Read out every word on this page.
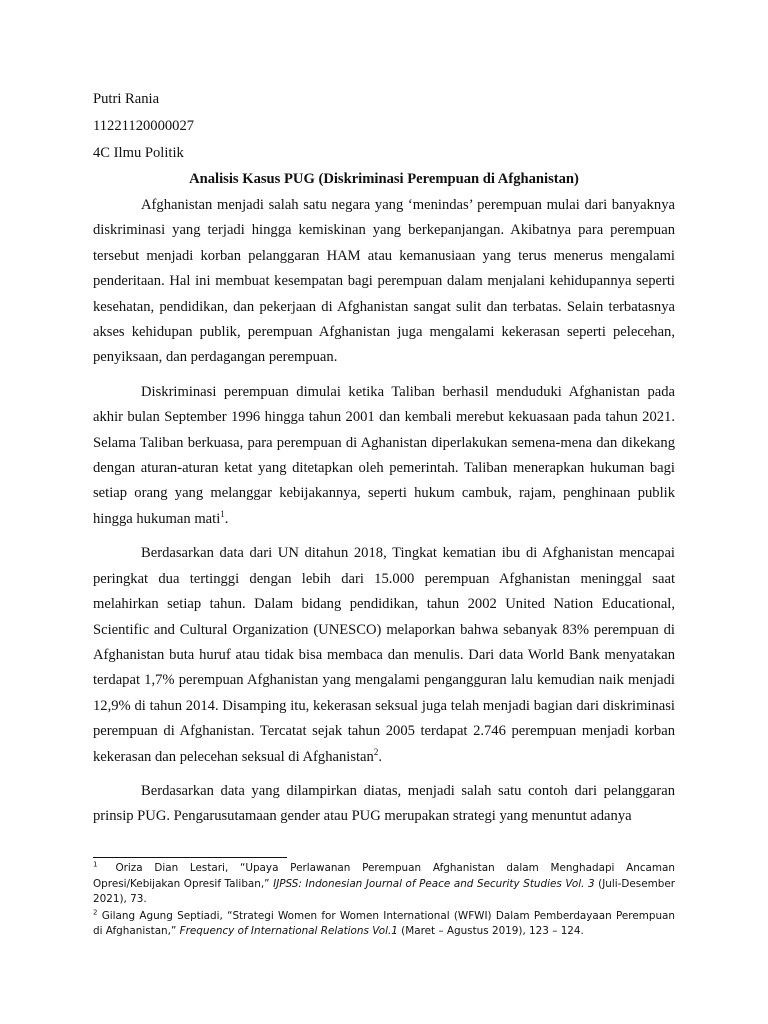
Putri Rania

11221120000027

4C Ilmu Politik

Analisis Kasus PUG (Diskriminasi Perempuan di Afghanistan)

Afghanistan menjadi salah satu negara yang ‘menindas’ perempuan mulai dari banyaknya diskriminasi yang terjadi hingga kemiskinan yang berkepanjangan. Akibatnya para perempuan tersebut menjadi korban pelanggaran HAM atau kemanusiaan yang terus menerus mengalami penderitaan. Hal ini membuat kesempatan bagi perempuan dalam menjalani kehidupannya seperti kesehatan, pendidikan, dan pekerjaan di Afghanistan sangat sulit dan terbatas. Selain terbatasnya akses kehidupan publik, perempuan Afghanistan juga mengalami kekerasan seperti pelecehan, penyiksaan, dan perdagangan perempuan.

Diskriminasi perempuan dimulai ketika Taliban berhasil menduduki Afghanistan pada akhir bulan September 1996 hingga tahun 2001 dan kembali merebut kekuasaan pada tahun 2021. Selama Taliban berkuasa, para perempuan di Aghanistan diperlakukan semena-mena dan dikekang dengan aturan-aturan ketat yang ditetapkan oleh pemerintah. Taliban menerapkan hukuman bagi setiap orang yang melanggar kebijakannya, seperti hukum cambuk, rajam, penghinaan publik hingga hukuman mati$^1$.

Berdasarkan data dari UN ditahun 2018, Tingkat kematian ibu di Afghanistan mencapai peringkat dua tertinggi dengan lebih dari 15.000 perempuan Afghanistan meninggal saat melahirkan setiap tahun. Dalam bidang pendidikan, tahun 2002 United Nation Educational, Scientific and Cultural Organization (UNESCO) melaporkan bahwa sebanyak 83% perempuan di Afghanistan buta huruf atau tidak bisa membaca dan menulis. Dari data World Bank menyatakan terdapat 1,7% perempuan Afghanistan yang mengalami pengangguran lalu kemudian naik menjadi 12,9% di tahun 2014. Disamping itu, kekerasan seksual juga telah menjadi bagian dari diskriminasi perempuan di Afghanistan. Tercatat sejak tahun 2005 terdapat 2.746 perempuan menjadi korban kekerasan dan pelecehan seksual di Afghanistan$^2$.

Berdasarkan data yang dilampirkan diatas, menjadi salah satu contoh dari pelanggaran prinsip PUG. Pengarusutamaan gender atau PUG merupakan strategi yang menuntut adanya

$^1$ Oriza Dian Lestari, “Upaya Perlawanan Perempuan Afghanistan dalam Menghadapi Ancaman Opresi/Kebijakan Opresif Taliban,” IJPSS: Indonesian Journal of Peace and Security Studies Vol. 3 (Juli-Desember 2021), 73.

$^2$ Gilang Agung Septiadi, “Strategi Women for Women International (WFWI) Dalam Pemberdayaan Perempuan di Afghanistan,” Frequency of International Relations Vol.1 (Maret – Agustus 2019), 123 – 124.
